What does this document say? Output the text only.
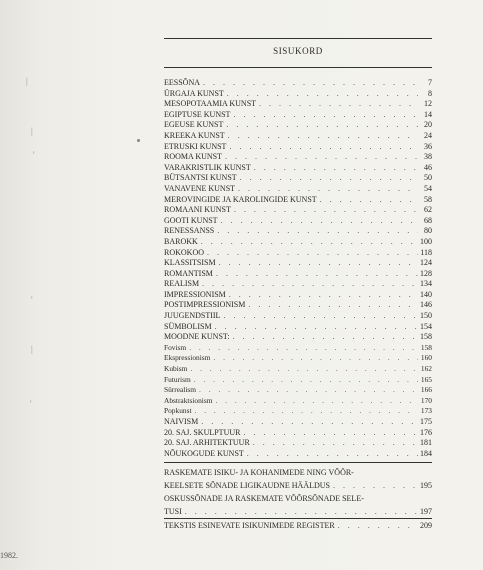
|
|
'
'
|
'
1982.
SISUKORD
EESSÕNA . . .	7
ÜRGAJA KUNST . . .	8
MESOPOTAAMIA KUNST . . .	12
EGIPTUSE KUNST . . .	14
EGEUSE KUNST . . .	20
KREEKA KUNST . . .	24
ETRUSKI KUNST . . .	36
ROOMA KUNST . . .	38
VARAKRISTLIK KUNST . . .	46
BÜTSANTSI KUNST . . .	50
VANAVENE KUNST . . .	54
MEROVINGIDE JA KAROLINGIDE KUNST . . .	58
ROMAANI KUNST . . .	62
GOOTI KUNST . . .	68
RENESSANSS . . .	80
BAROKK . . .	100
ROKOKOO . . .	118
KLASSITSISM . . .	124
ROMANTISM . . .	128
REALISM . . .	134
IMPRESSIONISM . . .	140
POSTIMPRESSIONISM . . .	146
JUUGENDSTIIL . . .	150
SÜMBOLISM . . .	154
MOODNE KUNST: . . .	158
Fovism . . .	158
Ekspressionism . . .	160
Kubism . . .	162
Futurism . . .	165
Sürrealism . . .	166
Abstraktsionism . . .	170
Popkunst . . .	173
NAIVISM . . .	175
20. SAJ. SKULPTUUR . . .	176
20. SAJ. ARHITEKTUUR . . .	181
NÕUKOGUDE KUNST . . .	184
RASKEMATE ISIKU- JA KOHANIMEDE NING VÕÖR-
KEELSETE SÕNADE LIGIKAUDNE HÄÄLDUS . . .	195
OSKUSSÕNADE JA RASKEMATE VÕÕRSÕNADE SELE-
TUSI . . .	197
TEKSTIS ESINEVATE ISIKUNIMEDE REGISTER . . .	209
